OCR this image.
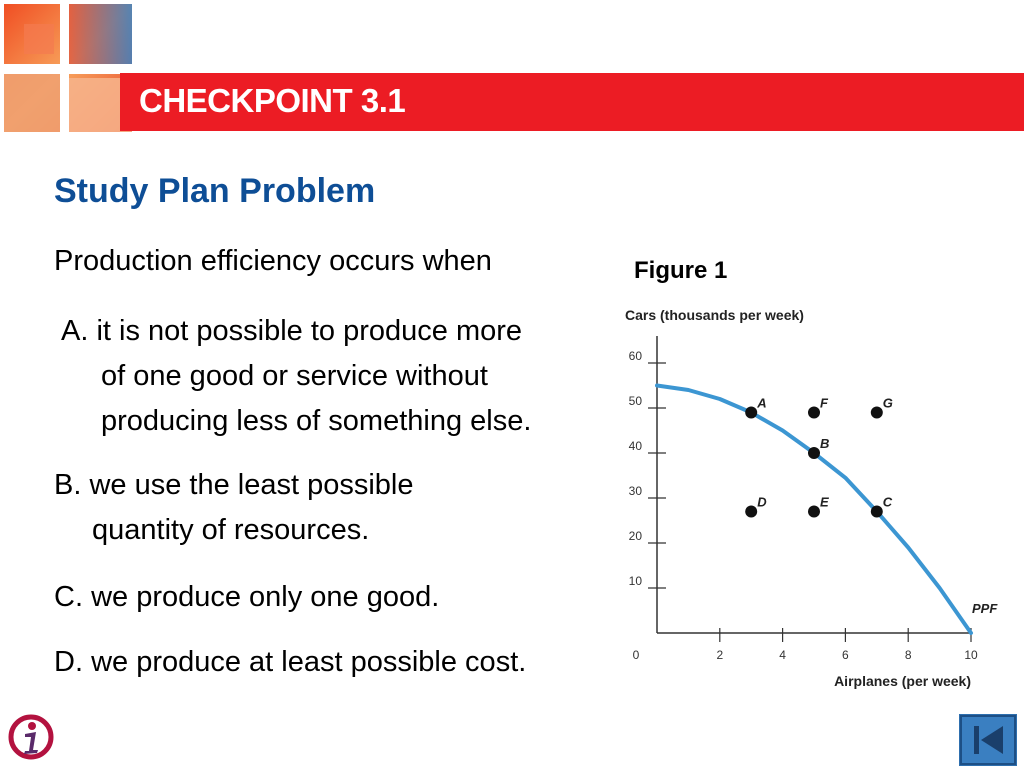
CHECKPOINT 3.1
Study Plan Problem
Production efficiency occurs when
A. it is not possible to produce more
of one good or service without
producing less of something else.
B. we use the least possible
quantity of resources.
C. we produce only one good.
D. we produce at least possible cost.
Figure 1
Cars (thousands per week)
10
20
30
40
50
60
0	2	4	6	8	10
Airplanes (per week)
PPF
A	F	G
B
D	E	C
